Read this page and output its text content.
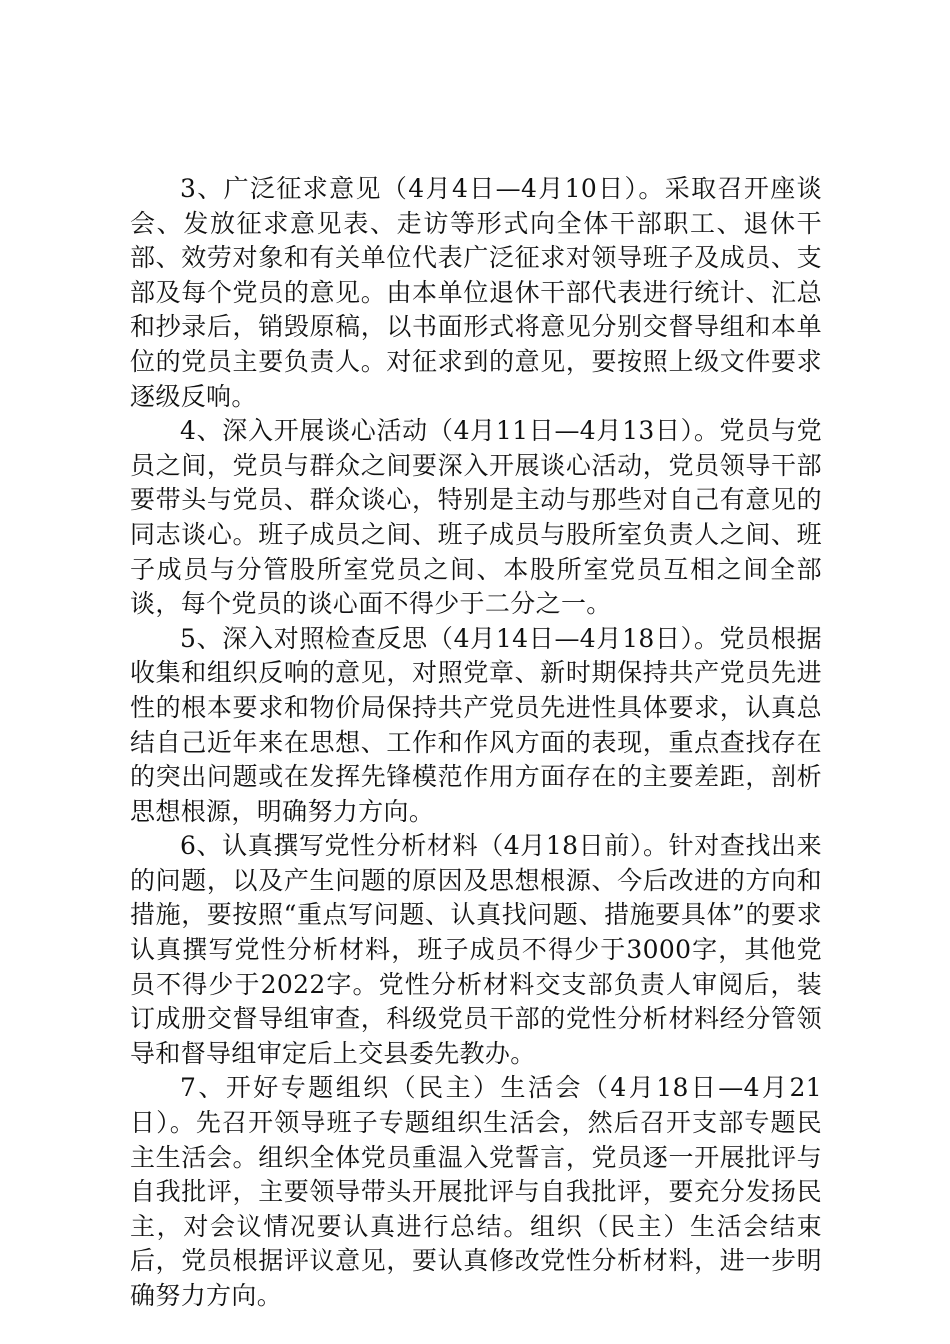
3、广泛征求意见（4月4日—4月10日）。采取召开座谈会、发放征求意见表、走访等形式向全体干部职工、退休干部、效劳对象和有关单位代表广泛征求对领导班子及成员、支部及每个党员的意见。由本单位退休干部代表进行统计、汇总和抄录后，销毁原稿，以书面形式将意见分别交督导组和本单位的党员主要负责人。对征求到的意见，要按照上级文件要求逐级反响。

4、深入开展谈心活动（4月11日—4月13日）。党员与党员之间，党员与群众之间要深入开展谈心活动，党员领导干部要带头与党员、群众谈心，特别是主动与那些对自己有意见的同志谈心。班子成员之间、班子成员与股所室负责人之间、班子成员与分管股所室党员之间、本股所室党员互相之间全部谈，每个党员的谈心面不得少于二分之一。

5、深入对照检查反思（4月14日—4月18日）。党员根据收集和组织反响的意见，对照党章、新时期保持共产党员先进性的根本要求和物价局保持共产党员先进性具体要求，认真总结自己近年来在思想、工作和作风方面的表现，重点查找存在的突出问题或在发挥先锋模范作用方面存在的主要差距，剖析思想根源，明确努力方向。

6、认真撰写党性分析材料（4月18日前）。针对查找出来的问题，以及产生问题的原因及思想根源、今后改进的方向和措施，要按照“重点写问题、认真找问题、措施要具体”的要求认真撰写党性分析材料，班子成员不得少于3000字，其他党员不得少于2022字。党性分析材料交支部负责人审阅后，装订成册交督导组审查，科级党员干部的党性分析材料经分管领导和督导组审定后上交县委先教办。

7、开好专题组织（民主）生活会（4月18日—4月21日）。先召开领导班子专题组织生活会，然后召开支部专题民主生活会。组织全体党员重温入党誓言，党员逐一开展批评与自我批评，主要领导带头开展批评与自我批评，要充分发扬民主，对会议情况要认真进行总结。组织（民主）生活会结束后，党员根据评议意见，要认真修改党性分析材料，进一步明确努力方向。
